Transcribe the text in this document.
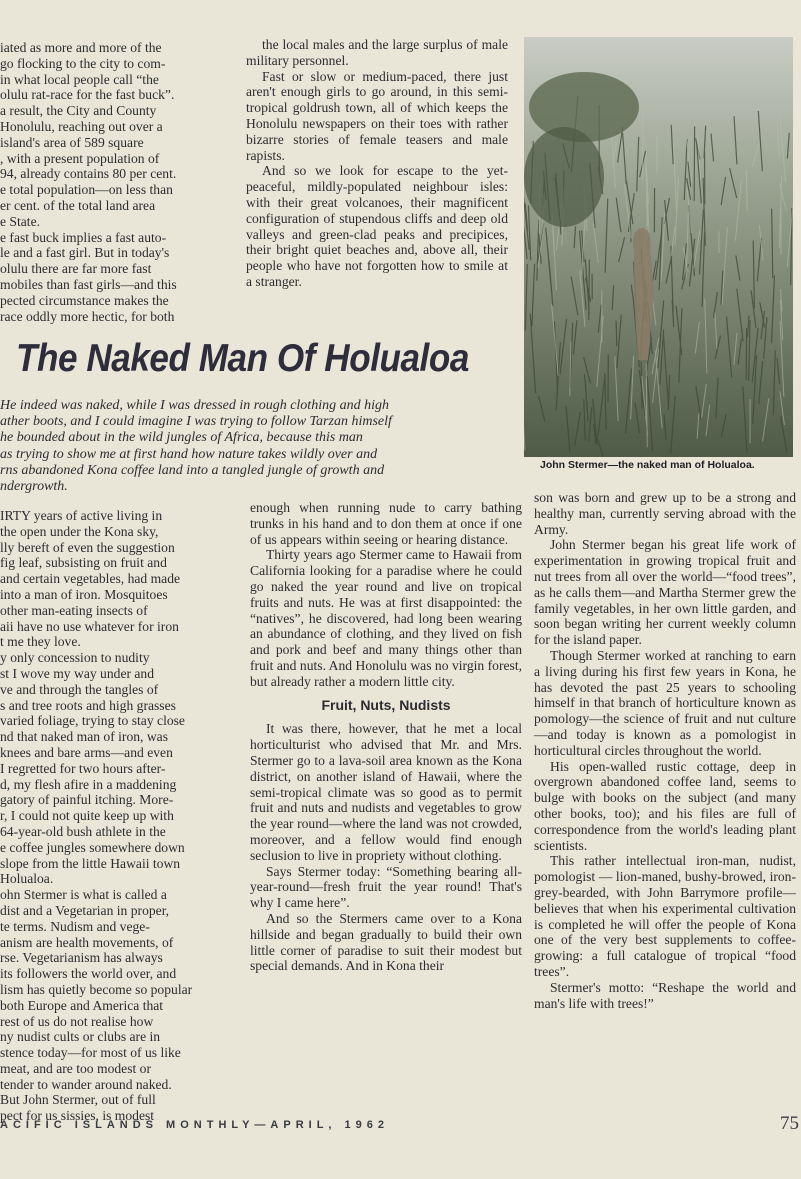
iated as more and more of the
go flocking to the city to com-
in what local people call “the
olulu rat-race for the fast buck”.
a result, the City and County
Honolulu, reaching out over a
island's area of 589 square
, with a present population of
94, already contains 80 per cent.
e total population—on less than
er cent. of the total land area
e State.
e fast buck implies a fast auto-
le and a fast girl. But in today's
olulu there are far more fast
mobiles than fast girls—and this
pected circumstance makes the
race oddly more hectic, for both

the local males and the large surplus of male military personnel.

Fast or slow or medium-paced, there just aren't enough girls to go around, in this semi-tropical goldrush town, all of which keeps the Honolulu newspapers on their toes with rather bizarre stories of female teasers and male rapists.

And so we look for escape to the yet-peaceful, mildly-populated neighbour isles: with their great volcanoes, their magnificent configuration of stupendous cliffs and deep old valleys and green-clad peaks and precipices, their bright quiet beaches and, above all, their people who have not forgotten how to smile at a stranger.

John Stermer—the naked man of Holualoa.
The Naked Man Of Holualoa
He indeed was naked, while I was dressed in rough clothing and high
ather boots, and I could imagine I was trying to follow Tarzan himself
he bounded about in the wild jungles of Africa, because this man
as trying to show me at first hand how nature takes wildly over and
rns abandoned Kona coffee land into a tangled jungle of growth and
ndergrowth.
IRTY years of active living in
the open under the Kona sky,
lly bereft of even the suggestion
fig leaf, subsisting on fruit and
and certain vegetables, had made
into a man of iron. Mosquitoes
other man-eating insects of
aii have no use whatever for iron
t me they love.
y only concession to nudity
st I wove my way under and
ve and through the tangles of
s and tree roots and high grasses
varied foliage, trying to stay close
nd that naked man of iron, was
knees and bare arms—and even
I regretted for two hours after-
d, my flesh afire in a maddening
gatory of painful itching. More-
r, I could not quite keep up with
64-year-old bush athlete in the
e coffee jungles somewhere down
slope from the little Hawaii town
Holualoa.
ohn Stermer is what is called a
dist and a Vegetarian in proper,
te terms. Nudism and vege-
anism are health movements, of
rse. Vegetarianism has always
its followers the world over, and
lism has quietly become so popular
both Europe and America that
rest of us do not realise how
ny nudist cults or clubs are in
stence today—for most of us like
meat, and are too modest or
tender to wander around naked.
But John Stermer, out of full
pect for us sissies, is modest

enough when running nude to carry bathing trunks in his hand and to don them at once if one of us appears within seeing or hearing distance.

Thirty years ago Stermer came to Hawaii from California looking for a paradise where he could go naked the year round and live on tropical fruits and nuts. He was at first disappointed: the “natives”, he discovered, had long been wearing an abundance of clothing, and they lived on fish and pork and beef and many things other than fruit and nuts. And Honolulu was no virgin forest, but already rather a modern little city.

Fruit, Nuts, Nudists

It was there, however, that he met a local horticulturist who advised that Mr. and Mrs. Stermer go to a lava-soil area known as the Kona district, on another island of Hawaii, where the semi-tropical climate was so good as to permit fruit and nuts and nudists and vegetables to grow the year round—where the land was not crowded, moreover, and a fellow would find enough seclusion to live in propriety without clothing.

Says Stermer today: “Something bearing all-year-round—fresh fruit the year round! That's why I came here”.

And so the Stermers came over to a Kona hillside and began gradually to build their own little corner of paradise to suit their modest but special demands. And in Kona their

son was born and grew up to be a strong and healthy man, currently serving abroad with the Army.

John Stermer began his great life work of experimentation in growing tropical fruit and nut trees from all over the world—“food trees”, as he calls them—and Martha Stermer grew the family vegetables, in her own little garden, and soon began writing her current weekly column for the island paper.

Though Stermer worked at ranching to earn a living during his first few years in Kona, he has devoted the past 25 years to schooling himself in that branch of horticulture known as pomology—the science of fruit and nut culture—and today is known as a pomologist in horticultural circles throughout the world.

His open-walled rustic cottage, deep in overgrown abandoned coffee land, seems to bulge with books on the subject (and many other books, too); and his files are full of correspondence from the world's leading plant scientists.

This rather intellectual iron-man, nudist, pomologist — lion-maned, bushy-browed, iron-grey-bearded, with John Barrymore profile— believes that when his experimental cultivation is completed he will offer the people of Kona one of the very best supplements to coffee-growing: a full catalogue of tropical “food trees”.

Stermer's motto: “Reshape the world and man's life with trees!”

ACIFIC ISLANDS MONTHLY—APRIL, 1962	75
